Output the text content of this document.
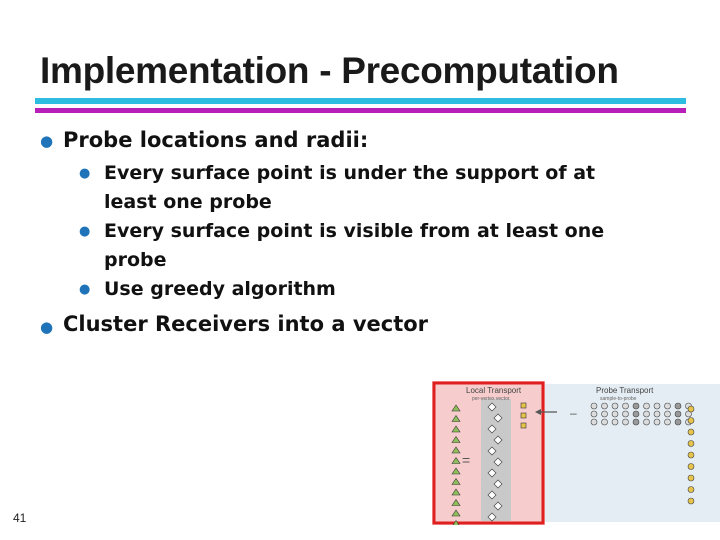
Implementation - Precomputation
● Probe locations and radii:
● Every surface point is under the support of at
least one probe
● Every surface point is visible from at least one
probe
● Use greedy algorithm
● Cluster Receivers into a vector
Local Transport
per-vertex vector
Probe Transport
sample-to-probe
=
–
41
